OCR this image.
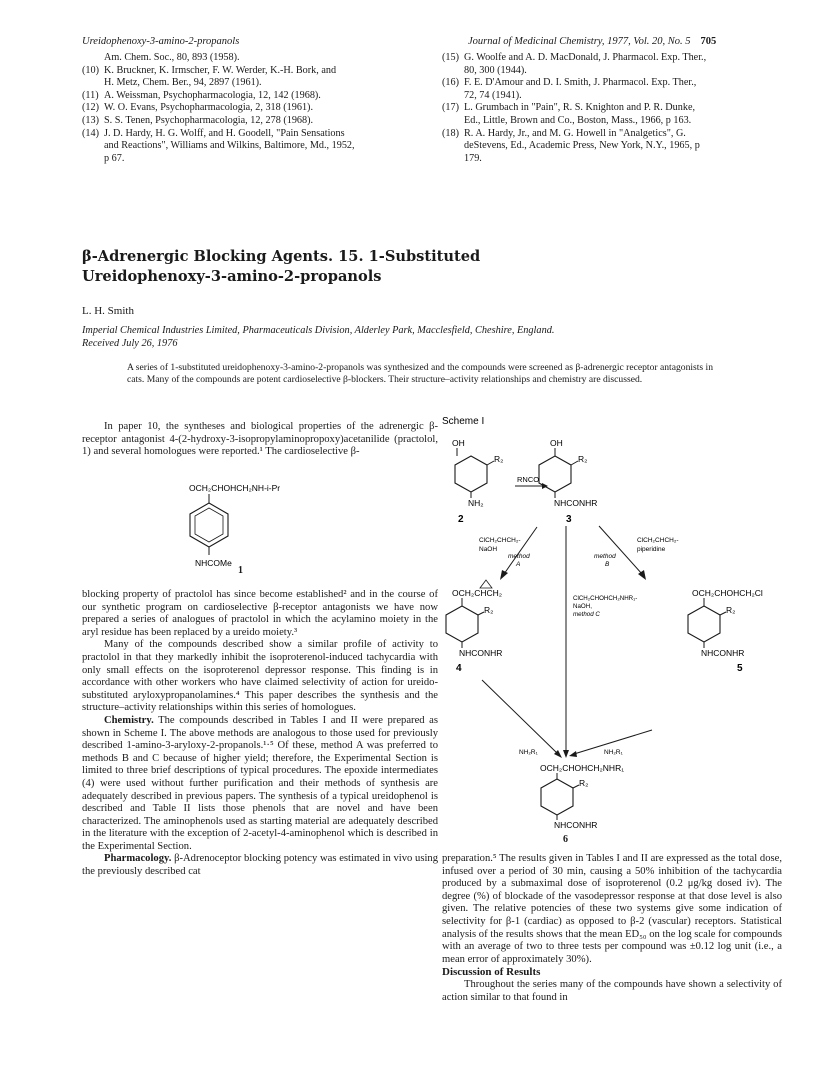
Ureidophenoxy-3-amino-2-propanols	Journal of Medicinal Chemistry, 1977, Vol. 20, No. 5 705
Am. Chem. Soc., 80, 893 (1958).
(10) K. Bruckner, K. Irmscher, F. W. Werder, K.-H. Bork, and
H. Metz, Chem. Ber., 94, 2897 (1961).
(11) A. Weissman, Psychopharmacologia, 12, 142 (1968).
(12) W. O. Evans, Psychopharmacologia, 2, 318 (1961).
(13) S. S. Tenen, Psychopharmacologia, 12, 278 (1968).
(14) J. D. Hardy, H. G. Wolff, and H. Goodell, "Pain Sensations
and Reactions", Williams and Wilkins, Baltimore, Md., 1952,
p 67.
(15) G. Woolfe and A. D. MacDonald, J. Pharmacol. Exp. Ther.,
80, 300 (1944).
(16) F. E. D'Amour and D. I. Smith, J. Pharmacol. Exp. Ther.,
72, 74 (1941).
(17) L. Grumbach in "Pain", R. S. Knighton and P. R. Dunke,
Ed., Little, Brown and Co., Boston, Mass., 1966, p 163.
(18) R. A. Hardy, Jr., and M. G. Howell in "Analgetics", G.
deStevens, Ed., Academic Press, New York, N.Y., 1965, p
179.
β-Adrenergic Blocking Agents. 15. 1-Substituted
Ureidophenoxy-3-amino-2-propanols
L. H. Smith
Imperial Chemical Industries Limited, Pharmaceuticals Division, Alderley Park, Macclesfield, Cheshire, England.
Received July 26, 1976
A series of 1-substituted ureidophenoxy-3-amino-2-propanols was synthesized and the compounds were screened as β-adrenergic receptor antagonists in cats. Many of the compounds are potent cardioselective β-blockers. Their structure–activity relationships and chemistry are discussed.
In paper 10, the syntheses and biological properties of the adrenergic β-receptor antagonist 4-(2-hydroxy-3-isopropylaminopropoxy)acetanilide (practolol, 1) and several homologues were reported.¹ The cardioselective β-
OCH₂CHOHCH₂NH-i-Pr
NHCOMe
1
blocking property of practolol has since become established² and in the course of our synthetic program on cardioselective β-receptor antagonists we have now prepared a series of analogues of practolol in which the acylamino moiety in the aryl residue has been replaced by a ureido moiety.³
Many of the compounds described show a similar profile of activity to practolol in that they markedly inhibit the isoproterenol-induced tachycardia with only small effects on the isoproterenol depressor response. This finding is in accordance with other workers who have claimed selectivity of action for ureido-substituted aryloxypropanolamines.⁴ This paper describes the synthesis and the structure–activity relationships within this series of homologues.
Chemistry. The compounds described in Tables I and II were prepared as shown in Scheme I. The above methods are analogous to those used for previously described 1-amino-3-aryloxy-2-propanols.¹·⁵ Of these, method A was preferred to methods B and C because of higher yield; therefore, the Experimental Section is limited to three brief descriptions of typical procedures. The epoxide intermediates (4) were used without further purification and their methods of synthesis are adequately described in previous papers. The synthesis of a typical ureidophenol is described and Table II lists those phenols that are novel and have been characterized. The aminophenols used as starting material are adequately described in the literature with the exception of 2-acetyl-4-aminophenol which is described in the Experimental Section.
Pharmacology. β-Adrenoceptor blocking potency was estimated in vivo using the previously described cat
Scheme I
OH
R₂
NH₂
2
RNCO
OH
R₂
NHCONHR
3
ClCH₂CHCH₂-
NaOH
method
A
ClCH₂CHCH₂-
piperidine
method
B
OCH₂CHCH₂
R₂
NHCONHR
4
ClCH₂CHOHCH₂NHR₁-
NaOH,
method C
OCH₂CHOHCH₂Cl
R₂
NHCONHR
5
NH₂R₁	NH₂R₁
OCH₂CHOHCH₂NHR₁
R₂
NHCONHR
6
preparation.⁵ The results given in Tables I and II are expressed as the total dose, infused over a period of 30 min, causing a 50% inhibition of the tachycardia produced by a submaximal dose of isoproterenol (0.2 μg/kg dosed iv). The degree (%) of blockade of the vasodepressor response at that dose level is also given. The relative potencies of these two systems give some indication of selectivity for β-1 (cardiac) as opposed to β-2 (vascular) receptors. Statistical analysis of the results shows that the mean ED₅₀ on the log scale for compounds with an average of two to three tests per compound was ±0.12 log unit (i.e., a mean error of approximately 30%).
Discussion of Results
Throughout the series many of the compounds have shown a selectivity of action similar to that found in
